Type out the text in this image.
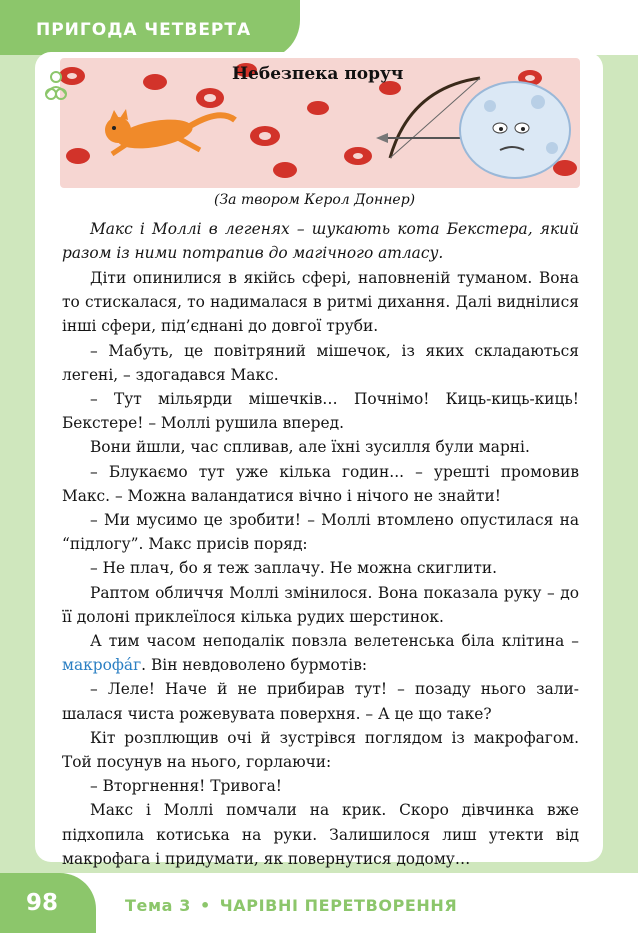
ПРИГОДА ЧЕТВЕРТА
Небезпека поруч
(За твором Керол Доннер)

Макс і Моллі в легенях – шукають кота Бекстера, який разом із ними потрапив до магічного атласу.

Діти опинилися в якійсь сфері, наповненій туманом. Вона то стискалася, то надималася в ритмі дихання. Далі виднілися інші сфери, під’єднані до довгої труби.

– Мабуть, це повітряний мішечок, із яких складаються легені, – здогадався Макс.

– Тут мільярди мішечків… Почнімо! Киць-киць-киць! Бекстере! – Моллі рушила вперед.

Вони йшли, час спливав, але їхні зусилля були марні.

– Блукаємо тут уже кілька годин... – урешті промовив Макс. – Можна валандатися вічно і нічого не знайти!

– Ми мусимо це зробити! – Моллі втомлено опустилася на “підлогу”. Макс присів поряд:

– Не плач, бо я теж заплачу. Не можна скиглити.

Раптом обличчя Моллі змінилося. Вона показала руку – до її долоні приклеїлося кілька рудих шерстинок.

А тим часом неподалік повзла велетенська біла клітина – макрофа́г. Він невдоволено бурмотів:

– Леле! Наче й не прибирав тут! – позаду нього залишалася чиста рожевувата поверхня. – А це що таке?

Кіт розплющив очі й зустрівся поглядом із макрофагом. Той посунув на нього, горлаючи:

– Вторгнення! Тривога!

Макс і Моллі помчали на крик. Скоро дівчинка вже підхопила котиська на руки. Залишилося лиш утекти від макрофага і придумати, як повернутися додому…

98	Тема 3 • ЧАРІВНІ ПЕРЕТВОРЕННЯ
